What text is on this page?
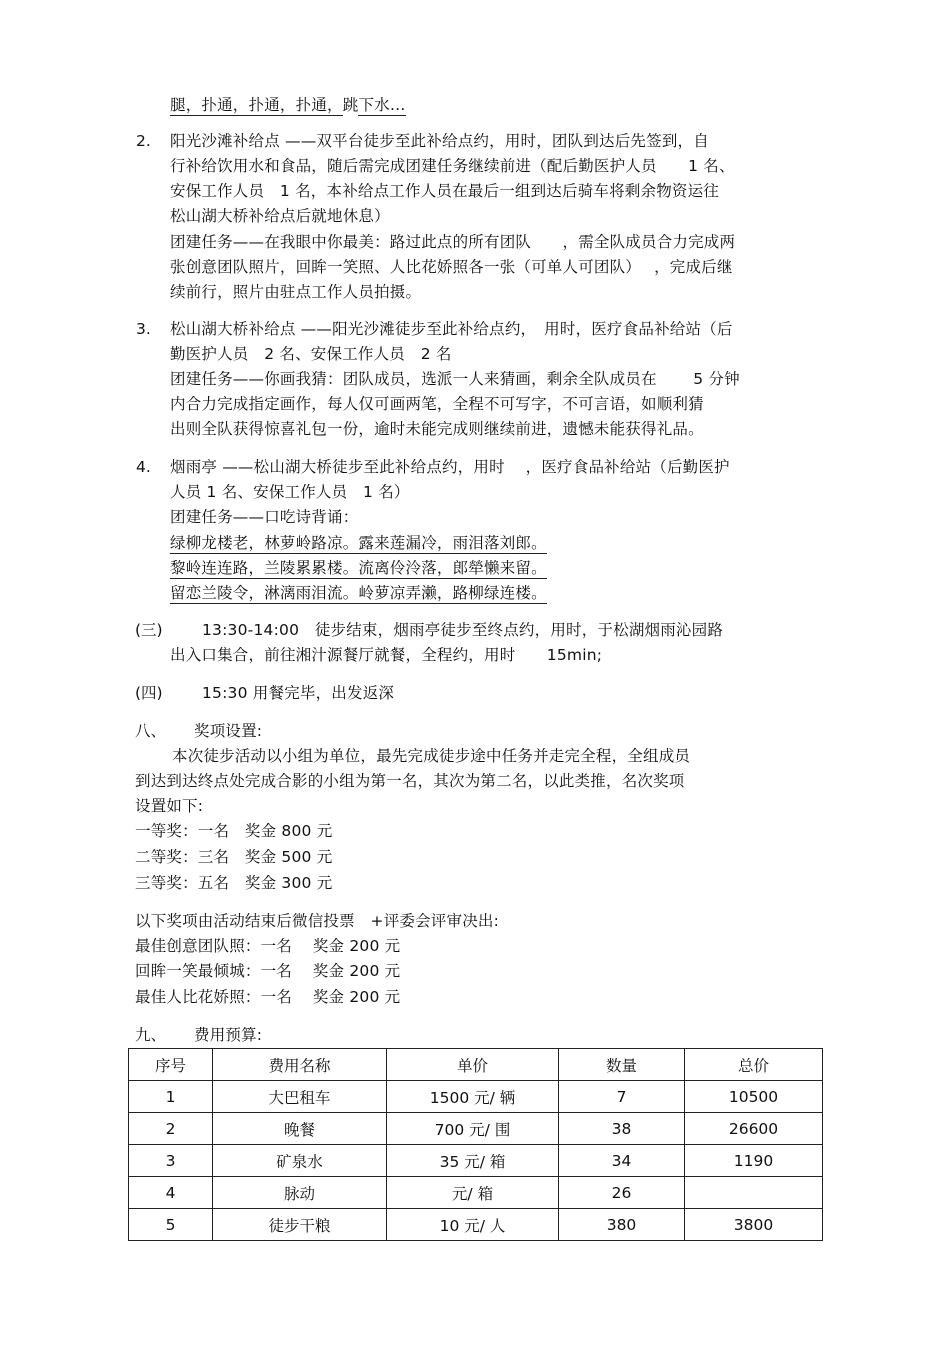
腿，扑通，扑通，扑通，跳下水…
2. 阳光沙滩补给点 ——双平台徒步至此补给点约，用时，团队到达后先签到，自
行补给饮用水和食品，随后需完成团建任务继续前进（配后勤医护人员　　1 名、
安保工作人员　1 名，本补给点工作人员在最后一组到达后骑车将剩余物资运往
松山湖大桥补给点后就地休息）
团建任务——在我眼中你最美：路过此点的所有团队　　，需全队成员合力完成两
张创意团队照片，回眸一笑照、人比花娇照各一张（可单人可团队）　 ，完成后继
续前行，照片由驻点工作人员拍摄。
3. 松山湖大桥补给点 ——阳光沙滩徒步至此补给点约，　用时，医疗食品补给站（后
勤医护人员　2 名、安保工作人员　2 名
团建任务——你画我猜：团队成员，选派一人来猜画，剩余全队成员在　　 5 分钟
内合力完成指定画作，每人仅可画两笔，全程不可写字，不可言语，如顺利猜
出则全队获得惊喜礼包一份，逾时未能完成则继续前进，遗憾未能获得礼品。
4. 烟雨亭 ——松山湖大桥徒步至此补给点约，用时　 ，医疗食品补给站（后勤医护
人员 1 名、安保工作人员　1 名）
团建任务——口吃诗背诵：
绿柳龙楼老，林萝岭路凉。露来莲漏冷，雨泪落刘郎。
黎岭连连路，兰陵累累楼。流离伶泠落，郎犖懒来留。
留恋兰陵令，淋漓雨泪流。岭萝凉弄濑，路柳绿连楼。
(三)	13:30-14:00　徒步结束，烟雨亭徒步至终点约，用时，于松湖烟雨沁园路
出入口集合，前往湘汁源餐厅就餐，全程约，用时　　15min;
(四)	15:30 用餐完毕，出发返深
八、 奖项设置:
本次徒步活动以小组为单位，最先完成徒步途中任务并走完全程，全组成员
到达到达终点处完成合影的小组为第一名，其次为第二名，以此类推，名次奖项
设置如下:
一等奖：一名　奖金 800 元
二等奖：三名　奖金 500 元
三等奖：五名　奖金 300 元
以下奖项由活动结束后微信投票　+评委会评审决出:
最佳创意团队照：一名　 奖金 200 元
回眸一笑最倾城：一名　 奖金 200 元
最佳人比花娇照：一名　 奖金 200 元
九、 费用预算:
序号	费用名称	单价	数量	总价
1	大巴租车	1500 元/ 辆	7	10500
2	晚餐	700 元/ 围	38	26600
3	矿泉水	35 元/ 箱	34	1190
4	脉动	元/ 箱	26	
5	徒步干粮	10 元/ 人	380	3800
